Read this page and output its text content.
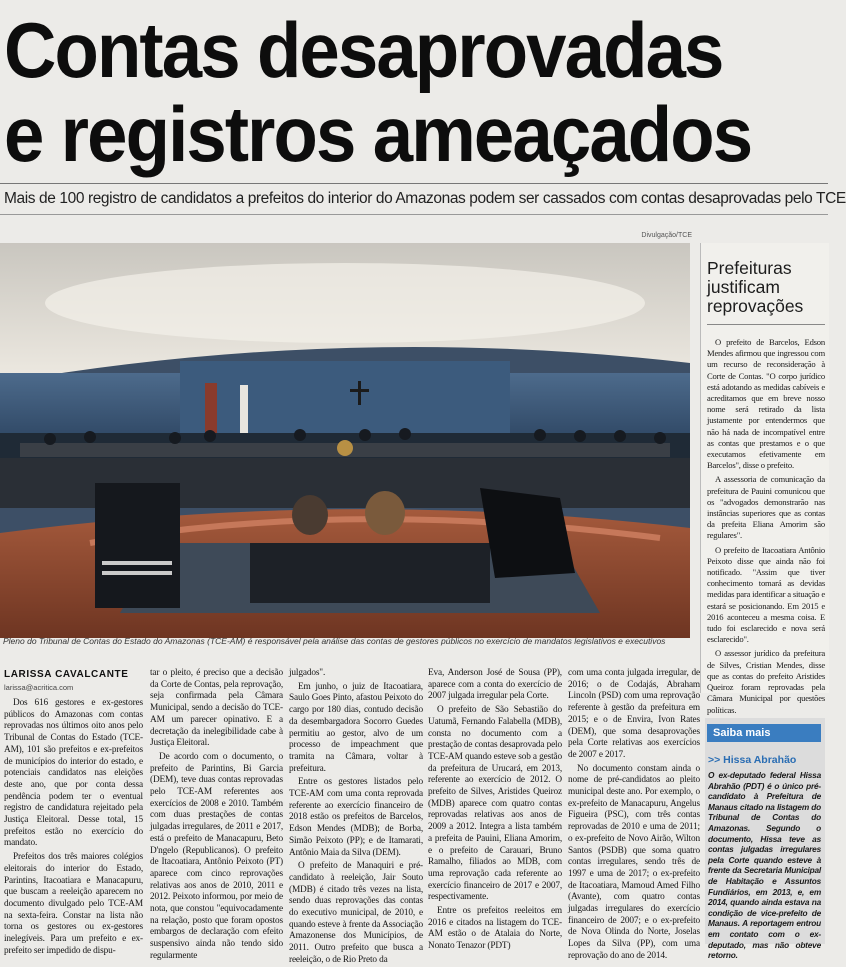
Contas desaprovadas
e registros ameaçados
Mais de 100 registro de candidatos a prefeitos do interior do Amazonas podem ser cassados com contas desaprovadas pelo TCE
Divulgação/TCE
Pleno do Tribunal de Contas do Estado do Amazonas (TCE-AM) é responsável pela análise das contas de gestores públicos no exercício de mandatos legislativos e executivos
Prefeituras
justificam
reprovações

O prefeito de Barcelos, Edson Mendes afirmou que ingressou com um recurso de reconsideração à Corte de Contas. "O corpo jurídico está adotando as medidas cabíveis e acreditamos que em breve nosso nome será retirado da lista justamente por entendermos que não há nada de incompatível entre as contas que prestamos e o que executamos efetivamente em Barcelos", disse o prefeito.

A assessoria de comunicação da prefeitura de Pauini comunicou que os "advogados demonstrarão nas instâncias superiores que as contas da prefeita Eliana Amorim são regulares".

O prefeito de Itacoatiara Antônio Peixoto disse que ainda não foi notificado. "Assim que tiver conhecimento tomará as devidas medidas para identificar a situação e estará se posicionando. Em 2015 e 2016 aconteceu a mesma coisa. E tudo foi esclarecido e nova será esclarecido".

O assessor jurídico da prefeitura de Silves, Cristian Mendes, disse que as contas do prefeito Aristides Queiroz foram reprovadas pela Câmara Municipal por questões políticas.

LARISSA CAVALCANTE
larissa@acritica.com

Dos 616 gestores e ex-gestores públicos do Amazonas com contas reprovadas nos últimos oito anos pelo Tribunal de Contas do Estado (TCE-AM), 101 são prefeitos e ex-prefeitos de municípios do interior do estado, e potenciais candidatos nas eleições deste ano, que por conta dessa pendência podem ter o eventual registro de candidatura rejeitado pela Justiça Eleitoral. Desse total, 15 prefeitos estão no exercício do mandato.

Prefeitos dos três maiores colégios eleitorais do interior do Estado, Parintins, Itacoatiara e Manacapuru, que buscam a reeleição aparecem no documento divulgado pelo TCE-AM na sexta-feira. Constar na lista não torna os gestores ou ex-gestores inelegíveis. Para um prefeito e ex-prefeito ser impedido de dispu-

tar o pleito, é preciso que a decisão da Corte de Contas, pela reprovação, seja confirmada pela Câmara Municipal, sendo a decisão do TCE-AM um parecer opinativo. E a decretação da inelegibilidade cabe à Justiça Eleitoral.

De acordo com o documento, o prefeito de Parintins, Bi Garcia (DEM), teve duas contas reprovadas pelo TCE-AM referentes aos exercícios de 2008 e 2010. Também com duas prestações de contas julgadas irregulares, de 2011 e 2017, está o prefeito de Manacapuru, Beto D'ngelo (Republicanos). O prefeito de Itacoatiara, Antônio Peixoto (PT) aparece com cinco reprovações relativas aos anos de 2010, 2011 e 2012. Peixoto informou, por meio de nota, que constou "equivocadamente na relação, posto que foram opostos embargos de declaração com efeito suspensivo ainda não tendo sido regularmente

julgados".

Em junho, o juiz de Itacoatiara, Saulo Goes Pinto, afastou Peixoto do cargo por 180 dias, contudo decisão da desembargadora Socorro Guedes permitiu ao gestor, alvo de um processo de impeachment que tramita na Câmara, voltar à prefeitura.

Entre os gestores listados pelo TCE-AM com uma conta reprovada referente ao exercício financeiro de 2018 estão os prefeitos de Barcelos, Edson Mendes (MDB); de Borba, Simão Peixoto (PP); e de Itamarati, Antônio Maia da Silva (DEM).

O prefeito de Manaquiri e pré-candidato à reeleição, Jair Souto (MDB) é citado três vezes na lista, sendo duas reprovações das contas do executivo municipal, de 2010, e quando esteve à frente da Associação Amazonense dos Municípios, de 2011. Outro prefeito que busca a reeleição, o de Rio Preto da

Eva, Anderson José de Sousa (PP), aparece com a conta do exercício de 2007 julgada irregular pela Corte.

O prefeito de São Sebastião do Uatumã, Fernando Falabella (MDB), consta no documento com a prestação de contas desaprovada pelo TCE-AM quando esteve sob a gestão da prefeitura de Urucará, em 2013, referente ao exercício de 2012. O prefeito de Silves, Aristides Queiroz (MDB) aparece com quatro contas reprovadas relativas aos anos de 2009 a 2012. Integra a lista também a prefeita de Pauini, Eliana Amorim, e o prefeito de Carauari, Bruno Ramalho, filiados ao MDB, com uma reprovação cada referente ao exercício financeiro de 2017 e 2007, respectivamente.

Entre os prefeitos reeleitos em 2016 e citados na listagem do TCE-AM estão o de Atalaia do Norte, Nonato Tenazor (PDT)

com uma conta julgada irregular, de 2016; o de Codajás, Abraham Lincoln (PSD) com uma reprovação referente à gestão da prefeitura em 2015; e o de Envira, Ivon Rates (DEM), que soma desaprovações pela Corte relativas aos exercícios de 2007 e 2017.

No documento constam ainda o nome de pré-candidatos ao pleito municipal deste ano. Por exemplo, o ex-prefeito de Manacapuru, Angelus Figueira (PSC), com três contas reprovadas de 2010 e uma de 2011; o ex-prefeito de Novo Airão, Wilton Santos (PSDB) que soma quatro contas irregulares, sendo três de 1997 e uma de 2017; o ex-prefeito de Itacoatiara, Mamoud Amed Filho (Avante), com quatro contas julgadas irregulares do exercício financeiro de 2007; e o ex-prefeito de Nova Olinda do Norte, Joselas Lopes da Silva (PP), com uma reprovação do ano de 2014.

Saiba mais
>> Hissa Abrahão
O ex-deputado federal Hissa Abrahão (PDT) é o único pré-candidato à Prefeitura de Manaus citado na listagem do Tribunal de Contas do Amazonas. Segundo o documento, Hissa teve as contas julgadas irregulares pela Corte quando esteve à frente da Secretaria Municipal de Habitação e Assuntos Fundiários, em 2013, e, em 2014, quando ainda estava na condição de vice-prefeito de Manaus. A reportagem entrou em contato com o ex-deputado, mas não obteve retorno.
